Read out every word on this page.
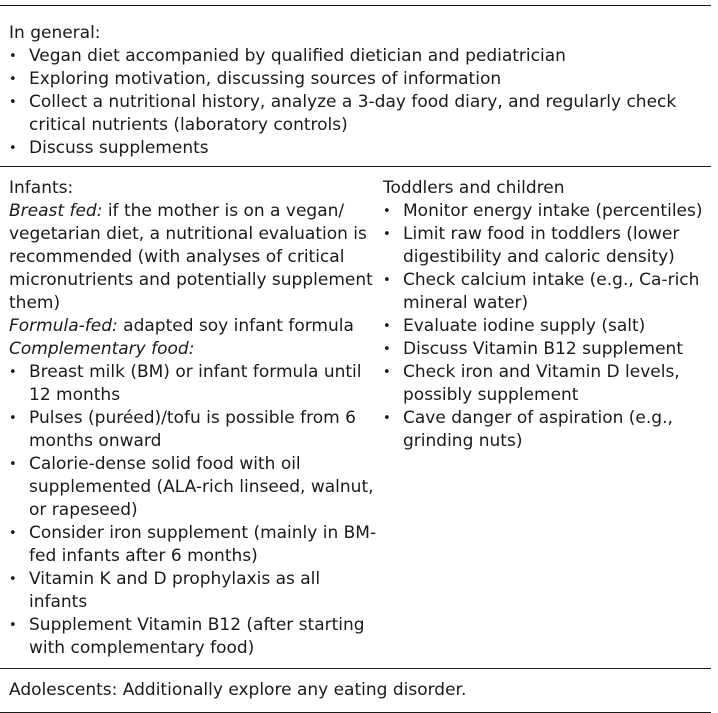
In general:
• Vegan diet accompanied by qualified dietician and pediatrician
• Exploring motivation, discussing sources of information
• Collect a nutritional history, analyze a 3-day food diary, and regularly check critical nutrients (laboratory controls)
• Discuss supplements
Infants:
Breast fed: if the mother is on a vegan/ vegetarian diet, a nutritional evaluation is recommended (with analyses of critical micronutrients and potentially supplement them)
Formula-fed: adapted soy infant formula
Complementary food:
• Breast milk (BM) or infant formula until 12 months
• Pulses (puréed)/tofu is possible from 6 months onward
• Calorie-dense solid food with oil supplemented (ALA-rich linseed, walnut, or rapeseed)
• Consider iron supplement (mainly in BM-fed infants after 6 months)
• Vitamin K and D prophylaxis as all infants
• Supplement Vitamin B12 (after starting with complementary food)
Toddlers and children
• Monitor energy intake (percentiles)
• Limit raw food in toddlers (lower digestibility and caloric density)
• Check calcium intake (e.g., Ca-rich mineral water)
• Evaluate iodine supply (salt)
• Discuss Vitamin B12 supplement
• Check iron and Vitamin D levels, possibly supplement
• Cave danger of aspiration (e.g., grinding nuts)
Adolescents: Additionally explore any eating disorder.
